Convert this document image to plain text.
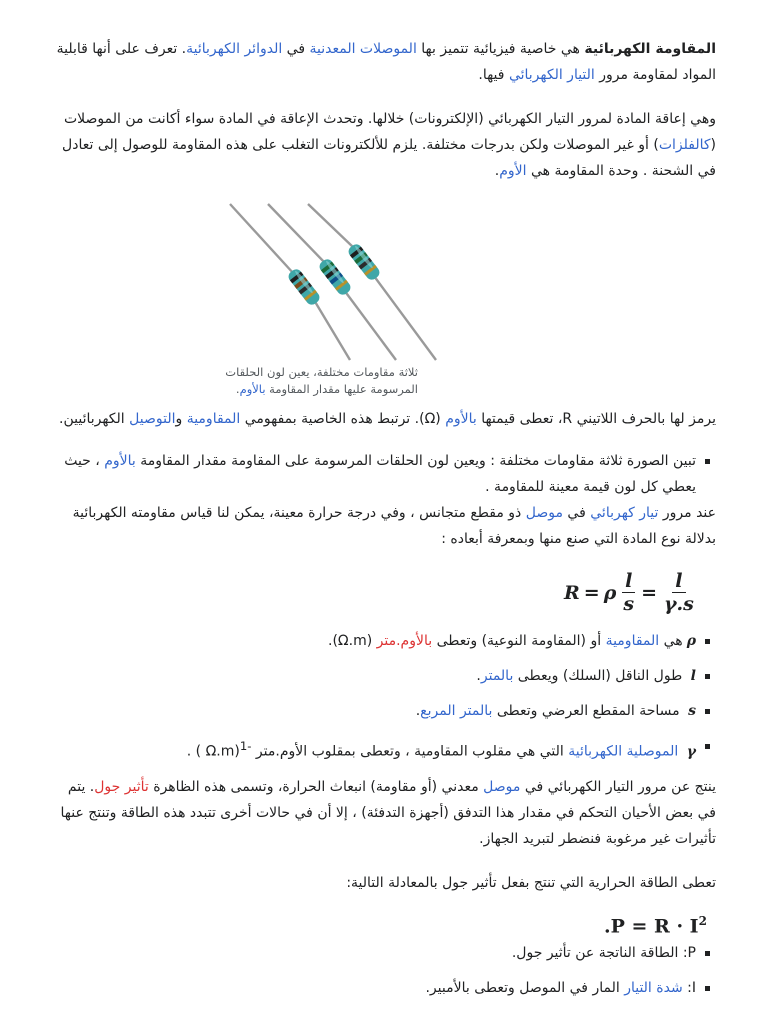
المقاومة الكهربائية هي خاصية فيزيائية تتميز بها الموصلات المعدنية في الدوائر الكهربائية. تعرف على أنها قابلية المواد لمقاومة مرور التيار الكهربائي فيها.

وهي إعاقة المادة لمرور التيار الكهربائي (الإلكترونات) خلالها. وتحدث الإعاقة في المادة سواء أكانت من الموصلات (كالفلزات) أو غير الموصلات ولكن بدرجات مختلفة. يلزم للألكترونات التغلب على هذه المقاومة للوصول إلى تعادل في الشحنة . وحدة المقاومة هي الأوم.

ثلاثة مقاومات مختلفة، يعين لون الحلقات المرسومة عليها مقدار المقاومة بالأوم.

يرمز لها بالحرف اللاتيني R، تعطى قيمتها بالأوم (Ω). ترتبط هذه الخاصية بمفهومي المقاومية والتوصيل الكهربائيين.

تبين الصورة ثلاثة مقاومات مختلفة : ويعين لون الحلقات المرسومة على المقاومة مقدار المقاومة بالأوم ، حيث يعطي كل لون قيمة معينة للمقاومة .

عند مرور تيار كهربائي في موصل ذو مقطع متجانس ، وفي درجة حرارة معينة، يمكن لنا قياس مقاومته الكهربائية بدلالة نوع المادة التي صنع منها وبمعرفة أبعاده :

R = ρ $\frac{l}{s} = \frac{l}{\gamma.s}$
ρهي المقاومية أو (المقاومة النوعية) وتعطى بالأوم.متر (Ω.m).
l طول الناقل (السلك) ويعطى بالمتر.
s مساحة المقطع العرضي وتعطى بالمتر المربع.
γ الموصلية الكهربائية التي هي مقلوب المقاومية ، وتعطى بمقلوب الأوم.متر $^{-1}$(Ω.m ) .

ينتج عن مرور التيار الكهربائي في موصل معدني (أو مقاومة) انبعاث الحرارة، وتسمى هذه الظاهرة تأثير جول. يتم في بعض الأحيان التحكم في مقدار هذا التدفق (أجهزة التدفئة) ، إلا أن في حالات أخرى تتبدد هذه الطاقة وتنتج عنها تأثيرات غير مرغوبة فنضطر لتبريد الجهاز.

تعطى الطاقة الحرارية التي تنتج بفعل تأثير جول بالمعادلة التالية:

$.P = R \cdot I^2$
P: الطاقة الناتجة عن تأثير جول.
I: شدة التيار المار في الموصل وتعطى بالأمبير.
